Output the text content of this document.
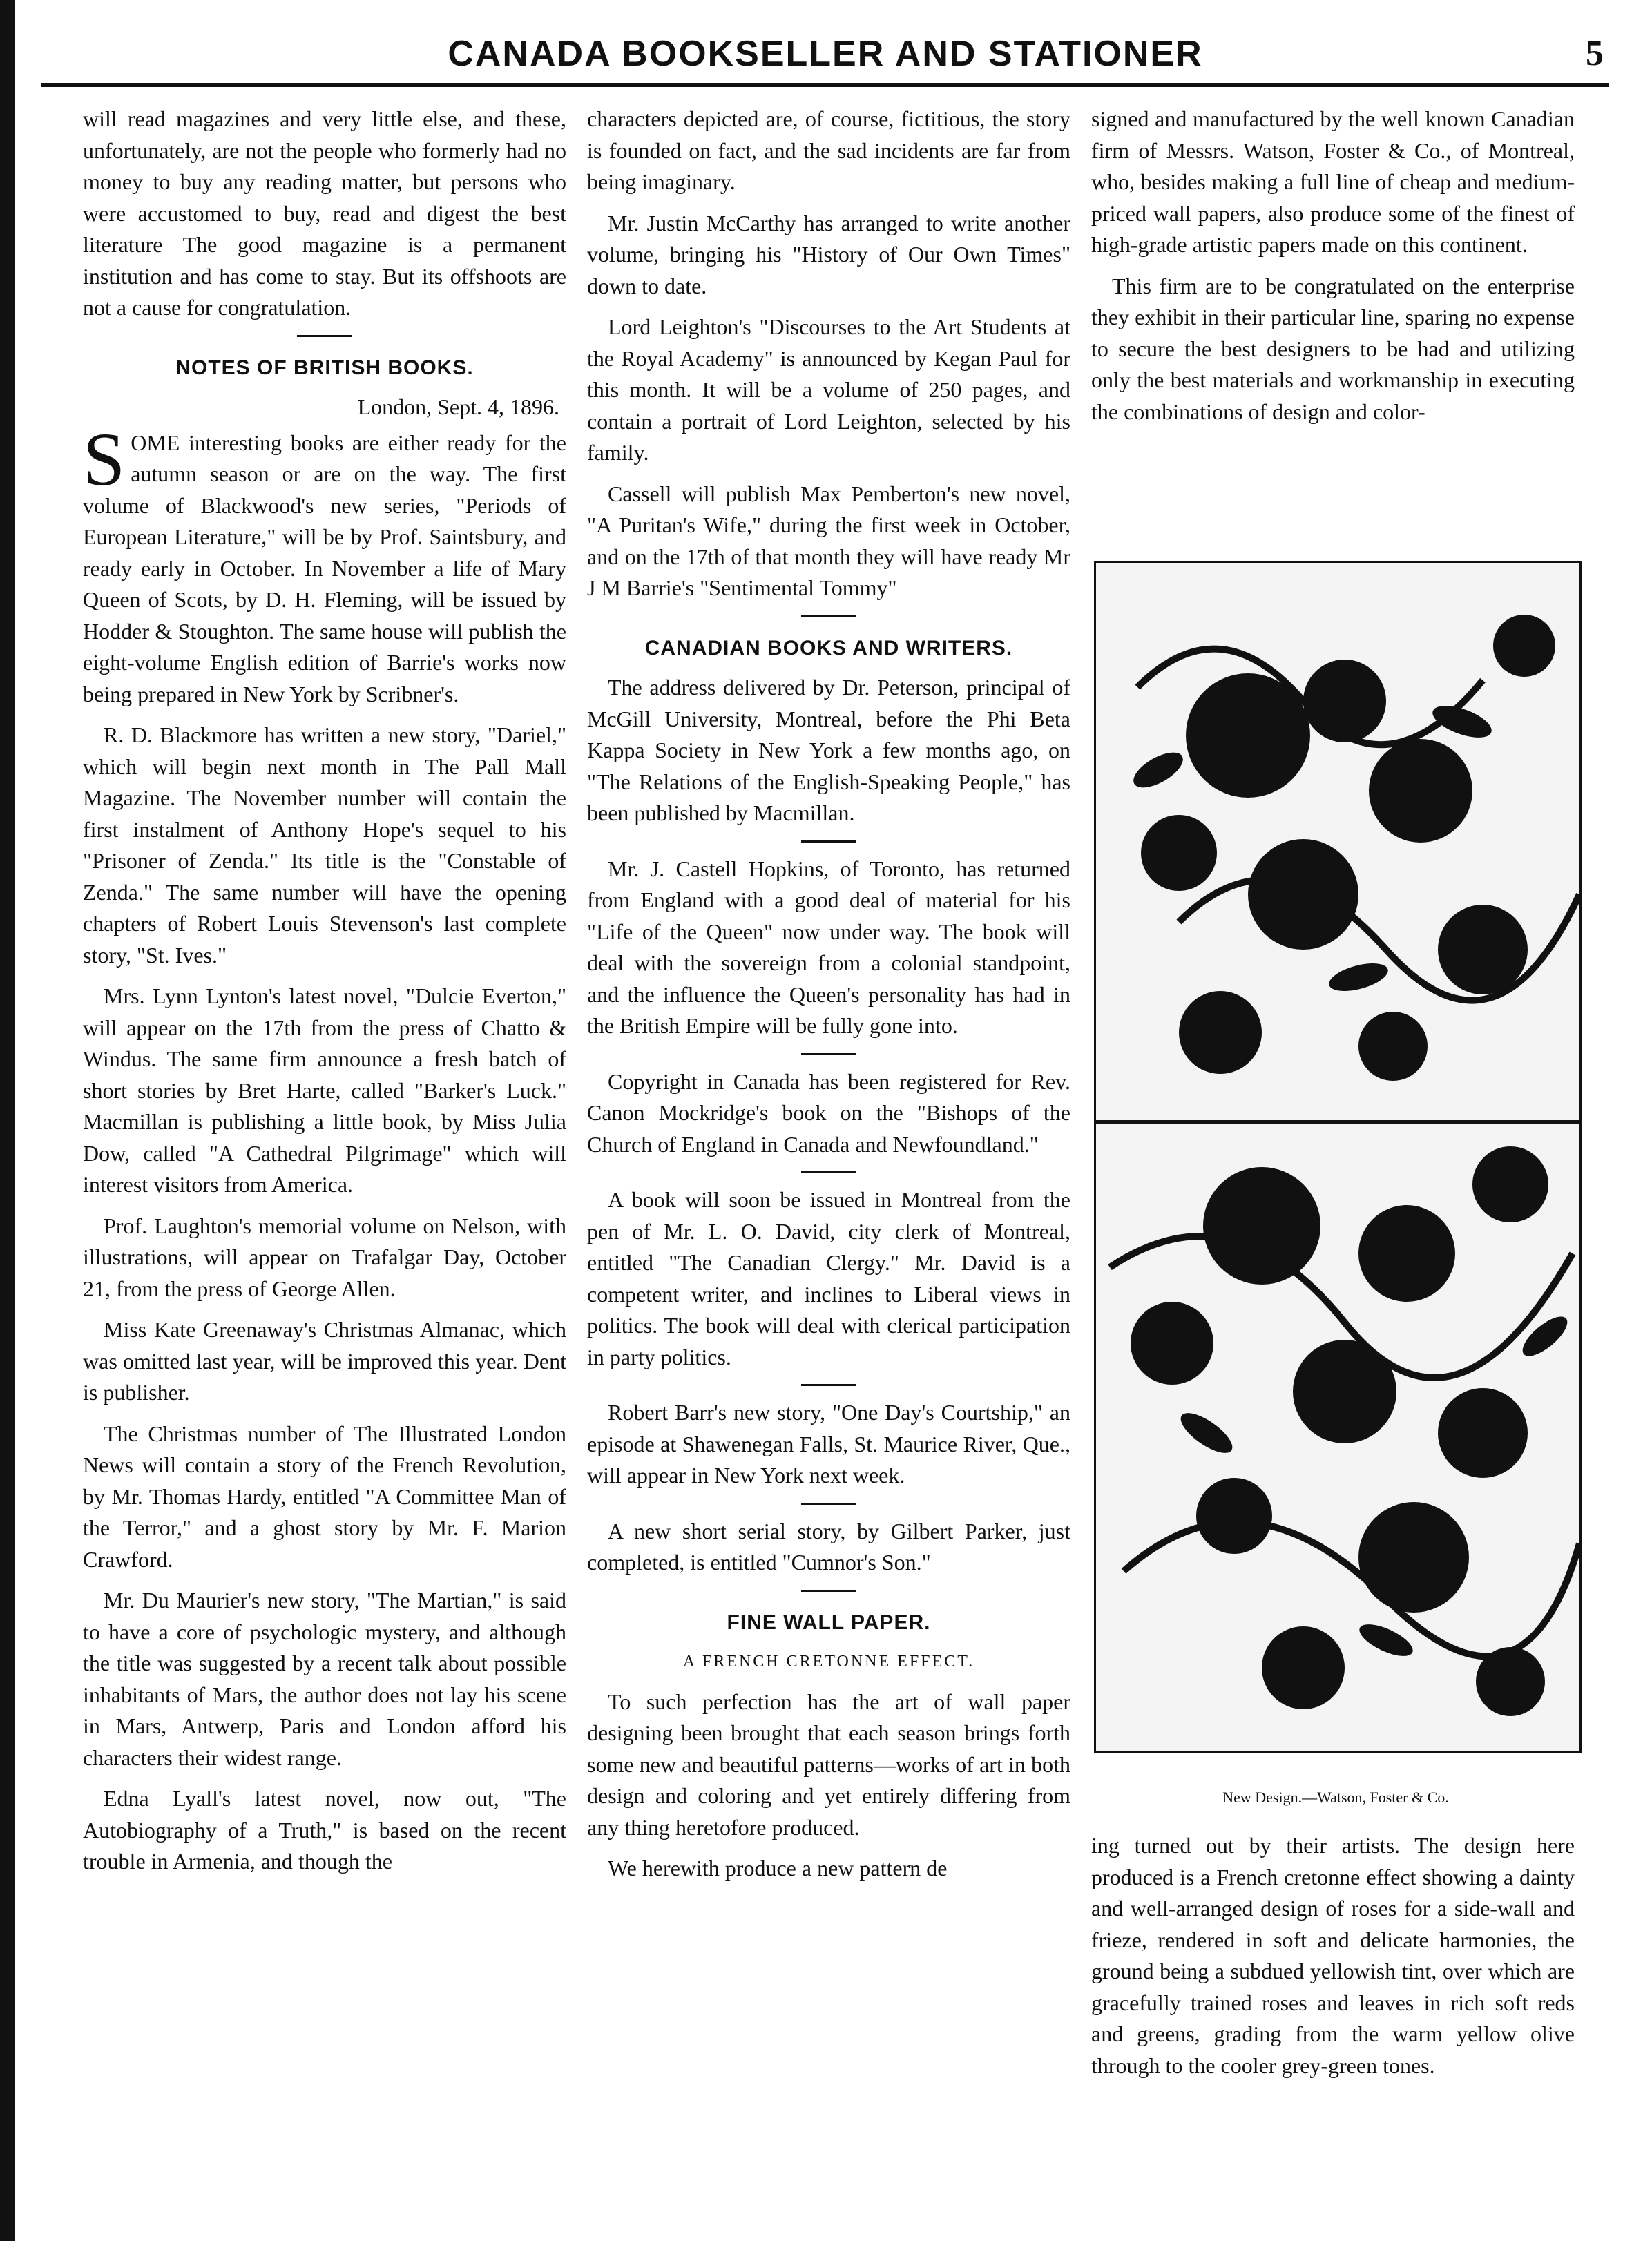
CANADA BOOKSELLER AND STATIONER	5

will read magazines and very little else, and these, unfortunately, are not the people who formerly had no money to buy any reading matter, but persons who were accustomed to buy, read and digest the best literature The good magazine is a permanent institution and has come to stay. But its offshoots are not a cause for congratulation.

NOTES OF BRITISH BOOKS.
London, Sept. 4, 1896.

SOME interesting books are either ready for the autumn season or are on the way. The first volume of Blackwood's new series, "Periods of European Literature," will be by Prof. Saintsbury, and ready early in October. In November a life of Mary Queen of Scots, by D. H. Fleming, will be issued by Hodder & Stoughton. The same house will publish the eight-volume English edition of Barrie's works now being prepared in New York by Scribner's.

R. D. Blackmore has written a new story, "Dariel," which will begin next month in The Pall Mall Magazine. The November number will contain the first instalment of Anthony Hope's sequel to his "Prisoner of Zenda." Its title is the "Constable of Zenda." The same number will have the opening chapters of Robert Louis Stevenson's last complete story, "St. Ives."

Mrs. Lynn Lynton's latest novel, "Dulcie Everton," will appear on the 17th from the press of Chatto & Windus. The same firm announce a fresh batch of short stories by Bret Harte, called "Barker's Luck." Macmillan is publishing a little book, by Miss Julia Dow, called "A Cathedral Pilgrimage" which will interest visitors from America.

Prof. Laughton's memorial volume on Nelson, with illustrations, will appear on Trafalgar Day, October 21, from the press of George Allen.

Miss Kate Greenaway's Christmas Almanac, which was omitted last year, will be improved this year. Dent is publisher.

The Christmas number of The Illustrated London News will contain a story of the French Revolution, by Mr. Thomas Hardy, entitled "A Committee Man of the Terror," and a ghost story by Mr. F. Marion Crawford.

Mr. Du Maurier's new story, "The Martian," is said to have a core of psychologic mystery, and although the title was suggested by a recent talk about possible inhabitants of Mars, the author does not lay his scene in Mars, Antwerp, Paris and London afford his characters their widest range.

Edna Lyall's latest novel, now out, "The Autobiography of a Truth," is based on the recent trouble in Armenia, and though the

characters depicted are, of course, fictitious, the story is founded on fact, and the sad incidents are far from being imaginary.

Mr. Justin McCarthy has arranged to write another volume, bringing his "History of Our Own Times" down to date.

Lord Leighton's "Discourses to the Art Students at the Royal Academy" is announced by Kegan Paul for this month. It will be a volume of 250 pages, and contain a portrait of Lord Leighton, selected by his family.

Cassell will publish Max Pemberton's new novel, "A Puritan's Wife," during the first week in October, and on the 17th of that month they will have ready Mr J M Barrie's "Sentimental Tommy"

CANADIAN BOOKS AND WRITERS.

The address delivered by Dr. Peterson, principal of McGill University, Montreal, before the Phi Beta Kappa Society in New York a few months ago, on "The Relations of the English-Speaking People," has been published by Macmillan.

Mr. J. Castell Hopkins, of Toronto, has returned from England with a good deal of material for his "Life of the Queen" now under way. The book will deal with the sovereign from a colonial standpoint, and the influence the Queen's personality has had in the British Empire will be fully gone into.

Copyright in Canada has been registered for Rev. Canon Mockridge's book on the "Bishops of the Church of England in Canada and Newfoundland."

A book will soon be issued in Montreal from the pen of Mr. L. O. David, city clerk of Montreal, entitled "The Canadian Clergy." Mr. David is a competent writer, and inclines to Liberal views in politics. The book will deal with clerical participation in party politics.

Robert Barr's new story, "One Day's Courtship," an episode at Shawenegan Falls, St. Maurice River, Que., will appear in New York next week.

A new short serial story, by Gilbert Parker, just completed, is entitled "Cumnor's Son."

FINE WALL PAPER.
A FRENCH CRETONNE EFFECT.

To such perfection has the art of wall paper designing been brought that each season brings forth some new and beautiful patterns—works of art in both design and coloring and yet entirely differing from any thing heretofore produced.

We herewith produce a new pattern de

signed and manufactured by the well known Canadian firm of Messrs. Watson, Foster & Co., of Montreal, who, besides making a full line of cheap and medium-priced wall papers, also produce some of the finest of high-grade artistic papers made on this continent.

This firm are to be congratulated on the enterprise they exhibit in their particular line, sparing no expense to secure the best designers to be had and utilizing only the best materials and workmanship in executing the combinations of design and color-

New Design.—Watson, Foster & Co.

ing turned out by their artists. The design here produced is a French cretonne effect showing a dainty and well-arranged design of roses for a side-wall and frieze, rendered in soft and delicate harmonies, the ground being a subdued yellowish tint, over which are gracefully trained roses and leaves in rich soft reds and greens, grading from the warm yellow olive through to the cooler grey-green tones.
